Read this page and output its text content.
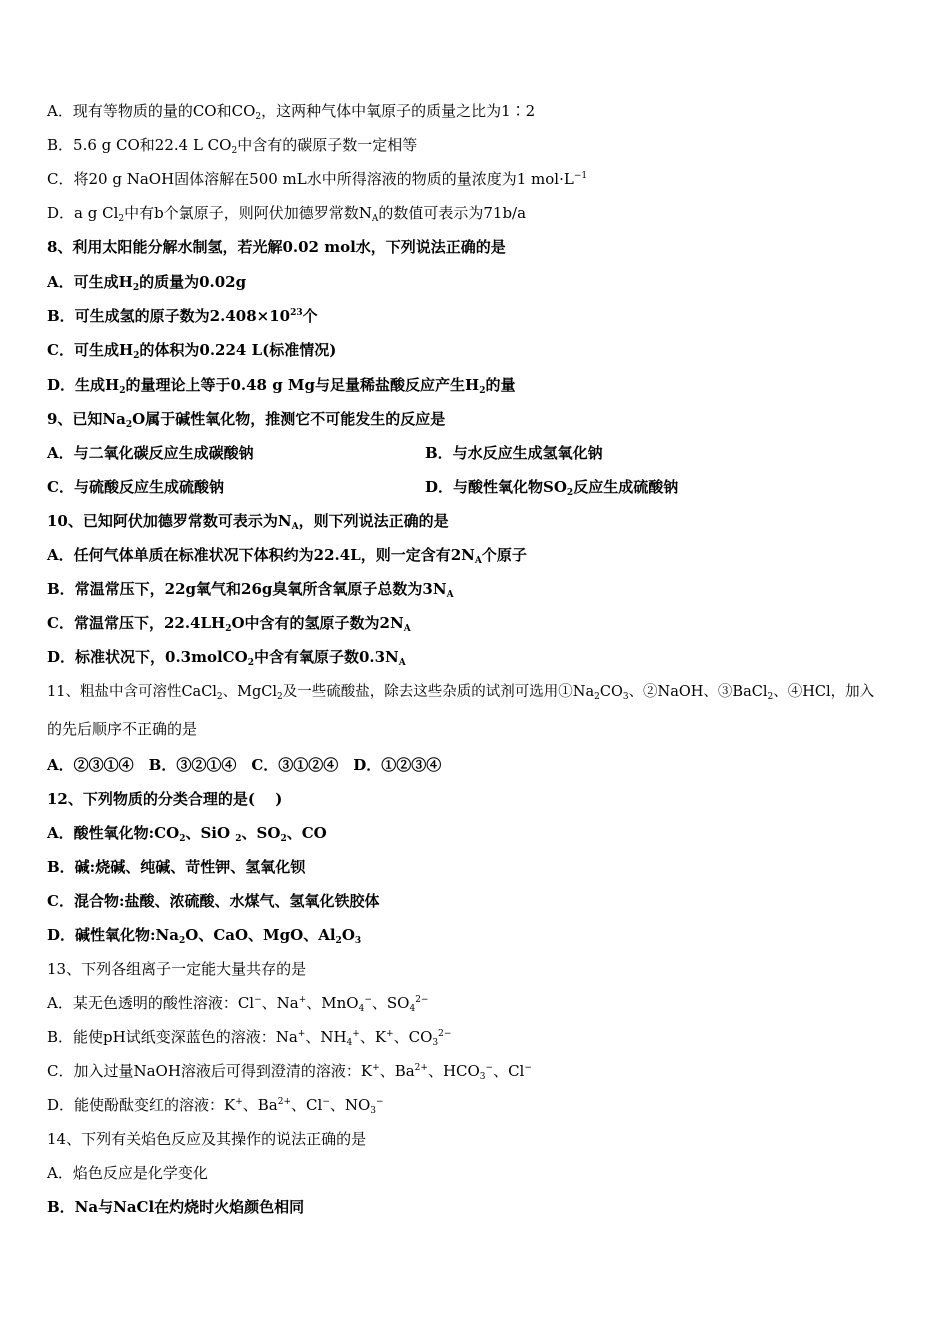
A．现有等物质的量的CO和$CO_2$，这两种气体中氧原子的质量之比为1∶2
B．5.6 g CO和22.4 L $CO_2$中含有的碳原子数一定相等
C．将20 g NaOH固体溶解在500 mL水中所得溶液的物质的量浓度为1 $mol\cdot L^{-1}$
D．a g $Cl_2$中有b个氯原子，则阿伏加德罗常数$N_A$的数值可表示为71b/a
8、利用太阳能分解水制氢，若光解0.02 mol水，下列说法正确的是
A．可生成$H_2$的质量为0.02g
B．可生成氢的原子数为$2.408\times 10^{23}$个
C．可生成$H_2$的体积为0.224 L(标准情况)
D．生成$H_2$的量理论上等于0.48 g Mg与足量稀盐酸反应产生$H_2$的量
9、已知$Na_2O$属于碱性氧化物，推测它不可能发生的反应是
A．与二氧化碳反应生成碳酸钠	B．与水反应生成氢氧化钠
C．与硫酸反应生成硫酸钠	D．与酸性氧化物$SO_2$反应生成硫酸钠
10、已知阿伏加德罗常数可表示为$N_A$，则下列说法正确的是
A．任何气体单质在标准状况下体积约为22.4L，则一定含有$2N_A$个原子
B．常温常压下，22g氧气和26g臭氧所含氧原子总数为$3N_A$
C．常温常压下，$22.4LH_2O$中含有的氢原子数为$2N_A$
D．标准状况下，0.3molCO$_2$中含有氧原子数$0.3N_A$
11、粗盐中含可溶性CaCl$_2$、MgCl$_2$及一些硫酸盐，除去这些杂质的试剂可选用$①Na_2CO_3$、②NaOH、③BaCl$_2$、④HCl，加入
的先后顺序不正确的是
A．②③①④　B．③②①④　C．③①②④　D．①②③④
12、下列物质的分类合理的是(　 )
A．酸性氧化物$:CO_2$、SiO $_2$、$SO_2$、CO
B．碱:烧碱、纯碱、苛性钾、氢氧化钡
C．混合物:盐酸、浓硫酸、水煤气、氢氧化铁胶体
D．碱性氧化物$:Na_2O$、CaO、MgO、$Al_2O_3$
13、下列各组离子一定能大量共存的是
A．某无色透明的酸性溶液：Cl−、Na+、MnO$_4$−、$SO_4^{2-}$
B．能使pH试纸变深蓝色的溶液：Na+、$NH_4^+$、K+、$CO_3^{2-}$
C．加入过量NaOH溶液后可得到澄清的溶液：K+、$Ba^{2+}$、$HCO_3^-$、Cl−
D．能使酚酞变红的溶液：K+、$Ba^{2+}$、Cl−、$NO_3^-$
14、下列有关焰色反应及其操作的说法正确的是
A．焰色反应是化学变化
B．Na与NaCl在灼烧时火焰颜色相同
